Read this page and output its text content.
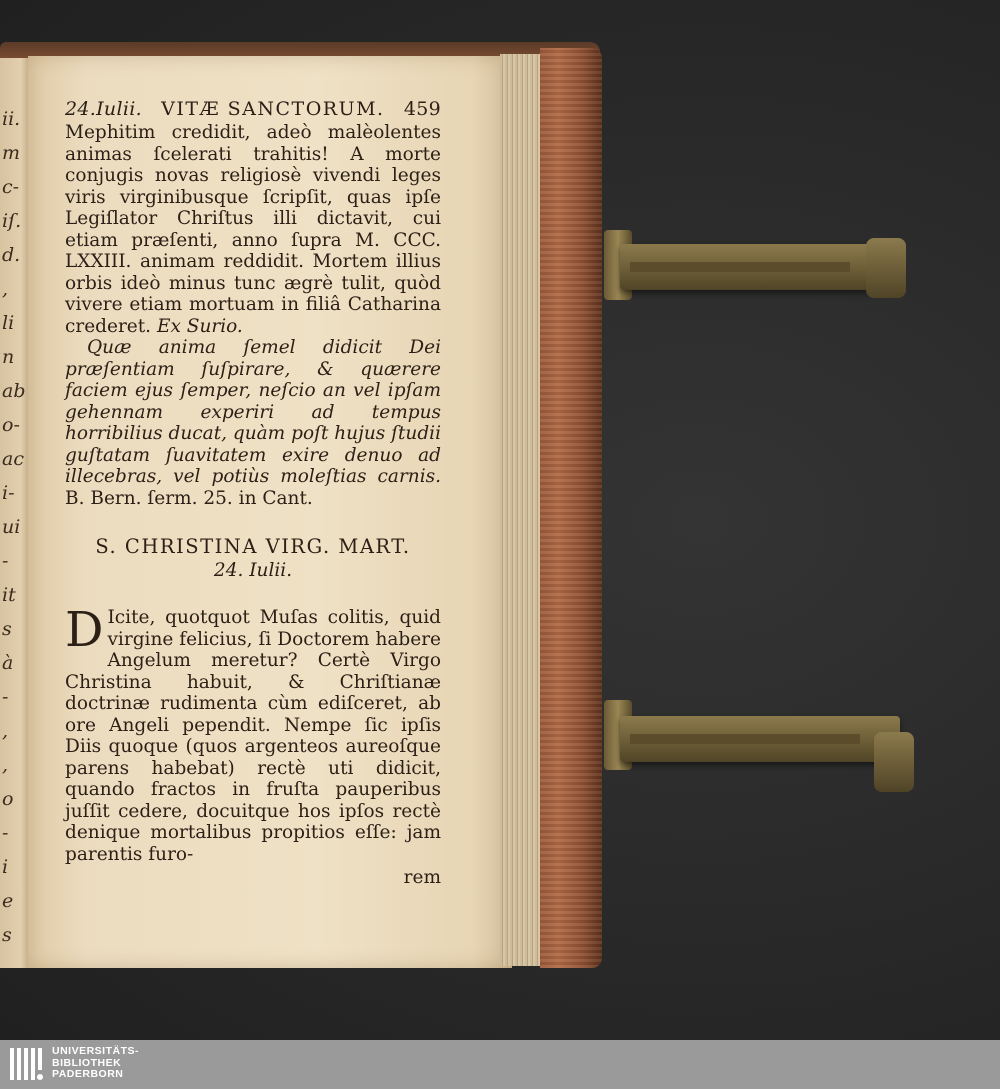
ii.
m
c-
iſ.
d.
,
li
n
ab
o-
ac
i-
ui
-
it
s
à
-
,
,
o
-
i
e
s
24.Iulii. VITÆ SANCTORUM. 459

Mephitim credidit, adeò malèolentes animas ſcelerati trahitis! A morte conjugis novas religiosè vivendi leges viris virginibusque ſcripſit, quas ipſe Legiſlator Chriſtus illi dictavit, cui etiam præſenti, anno ſupra M. CCC. LXXIII. animam reddidit. Mortem illius orbis ideò minus tunc ægrè tulit, quòd vivere etiam mortuam in filiâ Catharina crederet. Ex Surio.

Quæ anima ſemel didicit Dei præſentiam ſuſpirare, & quærere faciem ejus ſemper, neſcio an vel ipſam gehennam experiri ad tempus horribilius ducat, quàm poſt hujus ſtudii guſtatam ſuavitatem exire denuo ad illecebras, vel potiùs moleſtias carnis. B. Bern. ſerm. 25. in Cant.

S. CHRISTINA VIRG. MART.
24. Iulii.
D Icite, quotquot Muſas colitis, quid virgine felicius, ſi Doctorem habere Angelum meretur? Certè Virgo Christina habuit, & Chriſtianæ doctrinæ rudimenta cùm ediſceret, ab ore Angeli pependit. Nempe ſic ipſis Diis quoque (quos argenteos aureoſque parens habebat) rectè uti didicit, quando fractos in fruſta pauperibus juſſit cedere, docuitque hos ipſos rectè denique mortalibus propitios eſſe: jam parentis furo-
rem
UNIVERSITÄTS-
BIBLIOTHEK
PADERBORN
